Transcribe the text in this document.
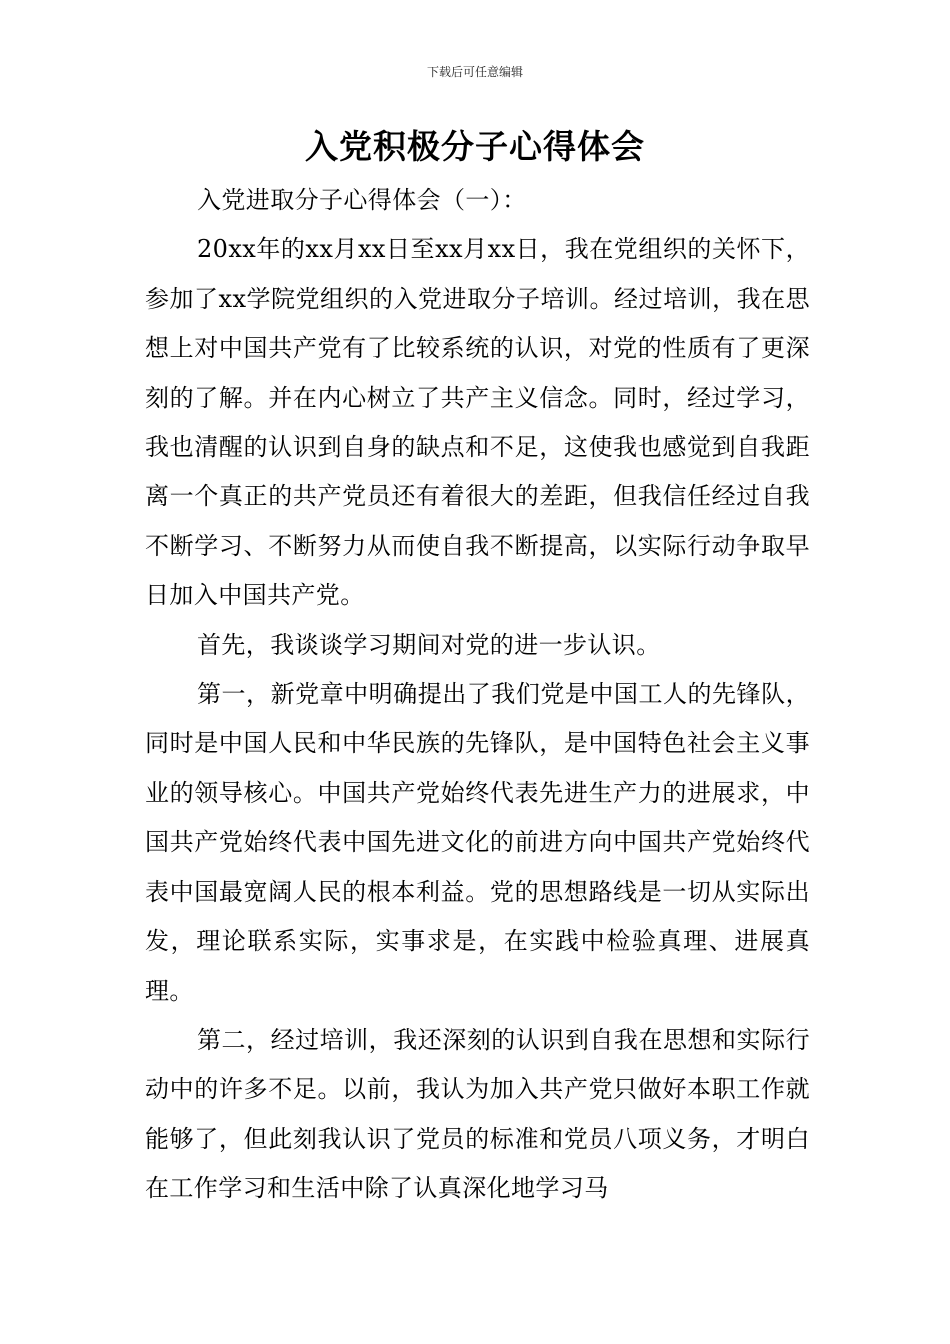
下载后可任意编辑
入党积极分子心得体会

入党进取分子心得体会（一）：

20xx年的xx月xx日至xx月xx日，我在党组织的关怀下，参加了xx学院党组织的入党进取分子培训。经过培训，我在思想上对中国共产党有了比较系统的认识，对党的性质有了更深刻的了解。并在内心树立了共产主义信念。同时，经过学习，我也清醒的认识到自身的缺点和不足，这使我也感觉到自我距离一个真正的共产党员还有着很大的差距，但我信任经过自我不断学习、不断努力从而使自我不断提高，以实际行动争取早日加入中国共产党。

首先，我谈谈学习期间对党的进一步认识。

第一，新党章中明确提出了我们党是中国工人的先锋队，同时是中国人民和中华民族的先锋队，是中国特色社会主义事业的领导核心。中国共产党始终代表先进生产力的进展求，中国共产党始终代表中国先进文化的前进方向中国共产党始终代表中国最宽阔人民的根本利益。党的思想路线是一切从实际出发，理论联系实际，实事求是，在实践中检验真理、进展真理。

第二，经过培训，我还深刻的认识到自我在思想和实际行动中的许多不足。以前，我认为加入共产党只做好本职工作就能够了，但此刻我认识了党员的标准和党员八项义务，才明白在工作学习和生活中除了认真深化地学习马
